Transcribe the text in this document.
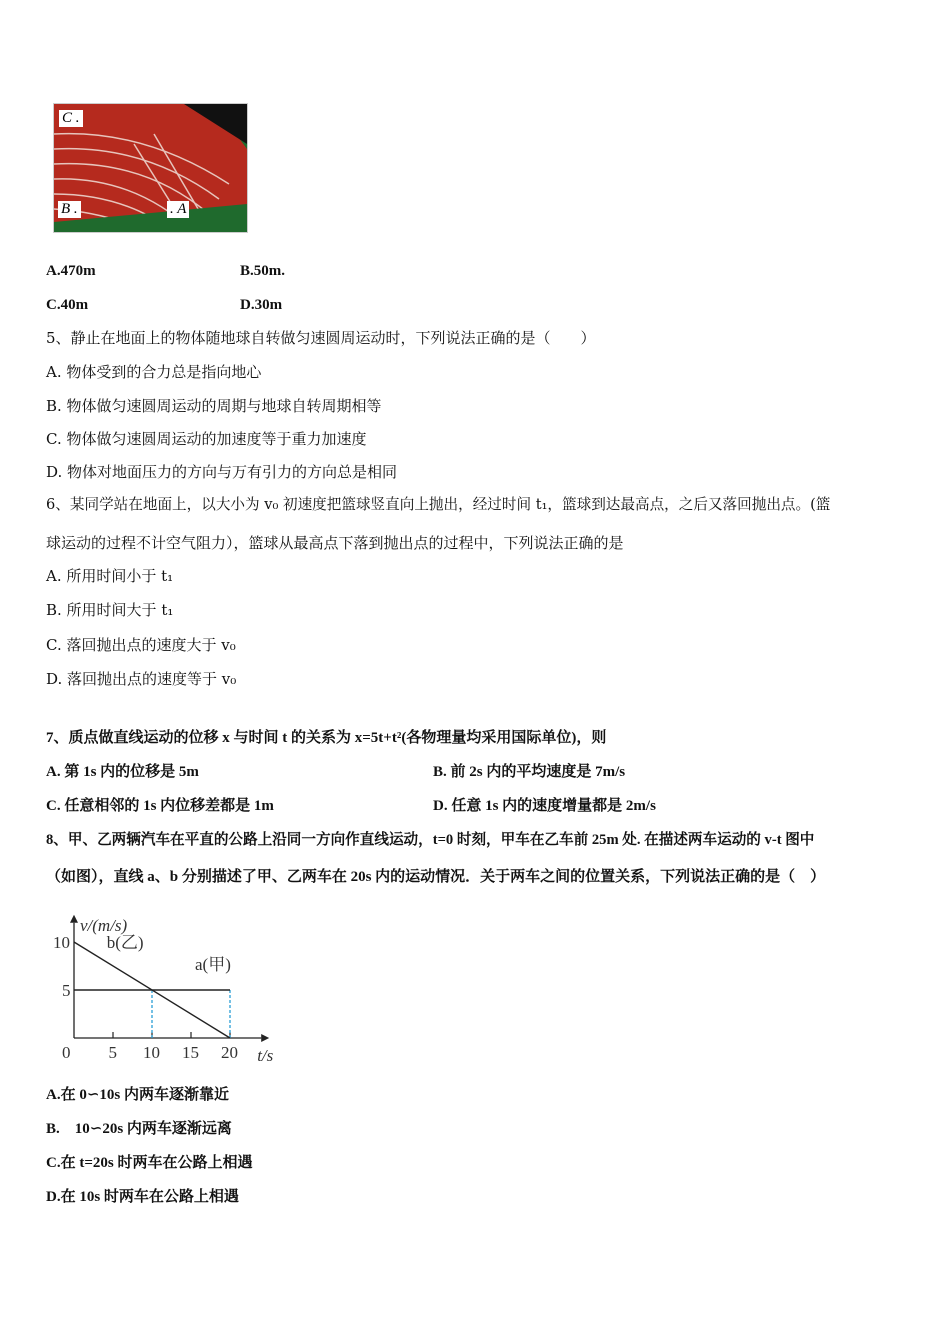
C .
B .	. A
A.470m	B.50m.
C.40m	D.30m
5、静止在地面上的物体随地球自转做匀速圆周运动时，下列说法正确的是（　　）
A. 物体受到的合力总是指向地心
B. 物体做匀速圆周运动的周期与地球自转周期相等
C. 物体做匀速圆周运动的加速度等于重力加速度
D. 物体对地面压力的方向与万有引力的方向总是相同
6、某同学站在地面上，以大小为 v₀ 初速度把篮球竖直向上抛出，经过时间 t₁，篮球到达最高点，之后又落回抛出点。(篮
球运动的过程不计空气阻力），篮球从最高点下落到抛出点的过程中，下列说法正确的是
A. 所用时间小于 t₁
B. 所用时间大于 t₁
C. 落回抛出点的速度大于 v₀
D. 落回抛出点的速度等于 v₀
7、质点做直线运动的位移 x 与时间 t 的关系为 x=5t+t²(各物理量均采用国际单位)，则
A. 第 1s 内的位移是 5m	B. 前 2s 内的平均速度是 7m/s
C. 任意相邻的 1s 内位移差都是 1m	D. 任意 1s 内的速度增量都是 2m/s
8、甲、乙两辆汽车在平直的公路上沿同一方向作直线运动，t=0 时刻，甲车在乙车前 25m 处. 在描述两车运动的 v-t 图中
（如图），直线 a、b 分别描述了甲、乙两车在 20s 内的运动情况．关于两车之间的位置关系，下列说法正确的是（　）
v/(m/s)
t/s
0 5 10 15 20
5
10
a(甲)
b(乙)
A.在 0∽10s 内两车逐渐靠近
B.　10∽20s 内两车逐渐远离
C.在 t=20s 时两车在公路上相遇
D.在 10s 时两车在公路上相遇
